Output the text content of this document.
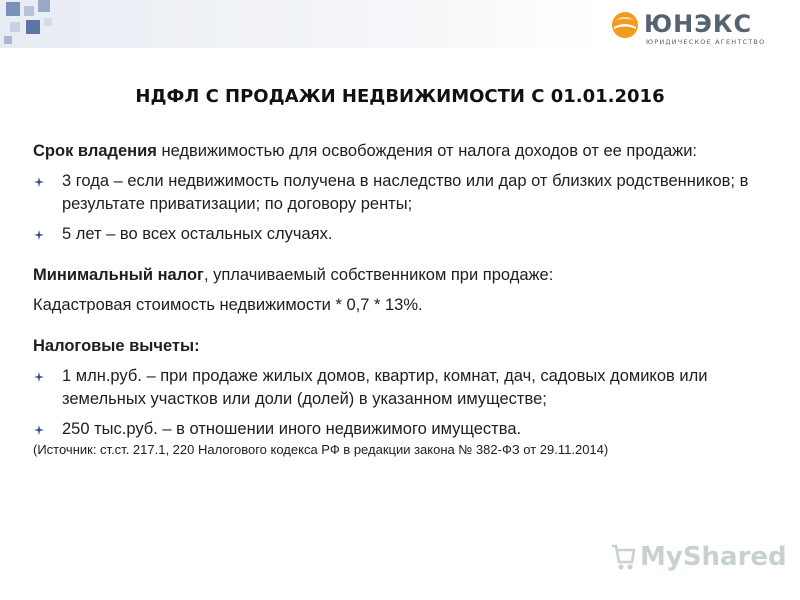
ЮНЭКС
ЮРИДИЧЕСКОЕ АГЕНТСТВО
НДФЛ С ПРОДАЖИ НЕДВИЖИМОСТИ С 01.01.2016

Срок владения недвижимостью для освобождения от налога доходов от ее продажи:

3 года – если недвижимость получена в наследство или дар от близких родственников; в результате приватизации; по договору ренты;
5 лет – во всех остальных случаях.

Минимальный налог, уплачиваемый собственником при продаже:

Кадастровая стоимость недвижимости * 0,7 * 13%.

Налоговые вычеты:

1 млн.руб. – при продаже жилых домов, квартир, комнат, дач, садовых домиков или земельных участков или доли (долей) в указанном имуществе;
250 тыс.руб. – в отношении иного недвижимого имущества.

(Источник: ст.ст. 217.1, 220 Налогового кодекса РФ в редакции закона № 382-ФЗ от 29.11.2014)

MyShared
